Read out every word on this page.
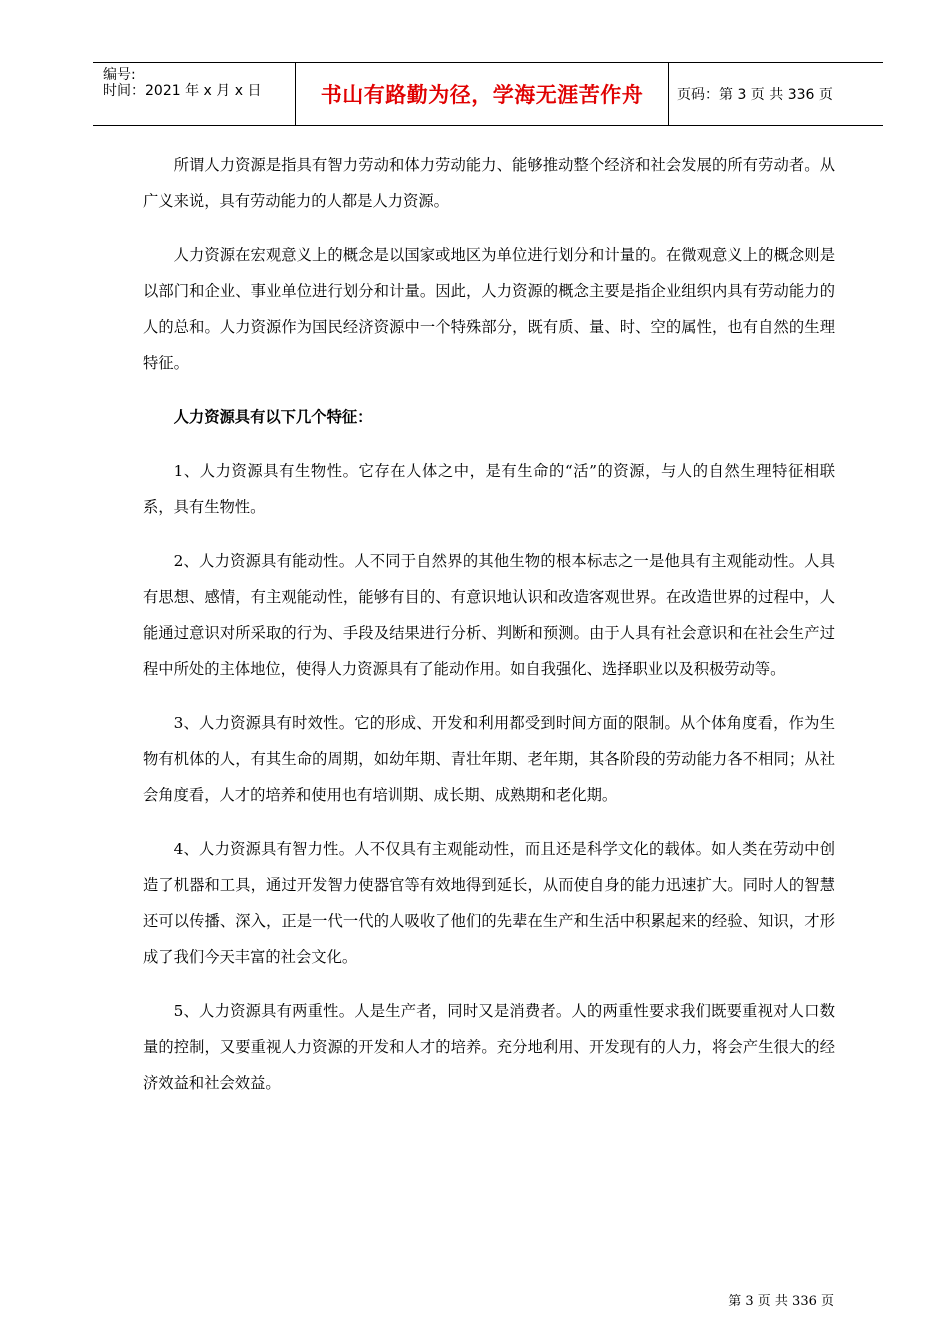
编号:
时间：2021 年 x 月 x 日	书山有路勤为径，学海无涯苦作舟	页码：第 3 页 共 336 页

所谓人力资源是指具有智力劳动和体力劳动能力、能够推动整个经济和社会发展的所有劳动者。从广义来说，具有劳动能力的人都是人力资源。

人力资源在宏观意义上的概念是以国家或地区为单位进行划分和计量的。在微观意义上的概念则是以部门和企业、事业单位进行划分和计量。因此，人力资源的概念主要是指企业组织内具有劳动能力的人的总和。人力资源作为国民经济资源中一个特殊部分，既有质、量、时、空的属性，也有自然的生理特征。

人力资源具有以下几个特征：

1、人力资源具有生物性。它存在人体之中，是有生命的“活”的资源，与人的自然生理特征相联系，具有生物性。

2、人力资源具有能动性。人不同于自然界的其他生物的根本标志之一是他具有主观能动性。人具有思想、感情，有主观能动性，能够有目的、有意识地认识和改造客观世界。在改造世界的过程中，人能通过意识对所采取的行为、手段及结果进行分析、判断和预测。由于人具有社会意识和在社会生产过程中所处的主体地位，使得人力资源具有了能动作用。如自我强化、选择职业以及积极劳动等。

3、人力资源具有时效性。它的形成、开发和利用都受到时间方面的限制。从个体角度看，作为生物有机体的人，有其生命的周期，如幼年期、青壮年期、老年期，其各阶段的劳动能力各不相同；从社会角度看，人才的培养和使用也有培训期、成长期、成熟期和老化期。

4、人力资源具有智力性。人不仅具有主观能动性，而且还是科学文化的载体。如人类在劳动中创造了机器和工具，通过开发智力使器官等有效地得到延长，从而使自身的能力迅速扩大。同时人的智慧还可以传播、深入，正是一代一代的人吸收了他们的先辈在生产和生活中积累起来的经验、知识，才形成了我们今天丰富的社会文化。

5、人力资源具有两重性。人是生产者，同时又是消费者。人的两重性要求我们既要重视对人口数量的控制，又要重视人力资源的开发和人才的培养。充分地利用、开发现有的人力，将会产生很大的经济效益和社会效益。

第 3 页 共 336 页
